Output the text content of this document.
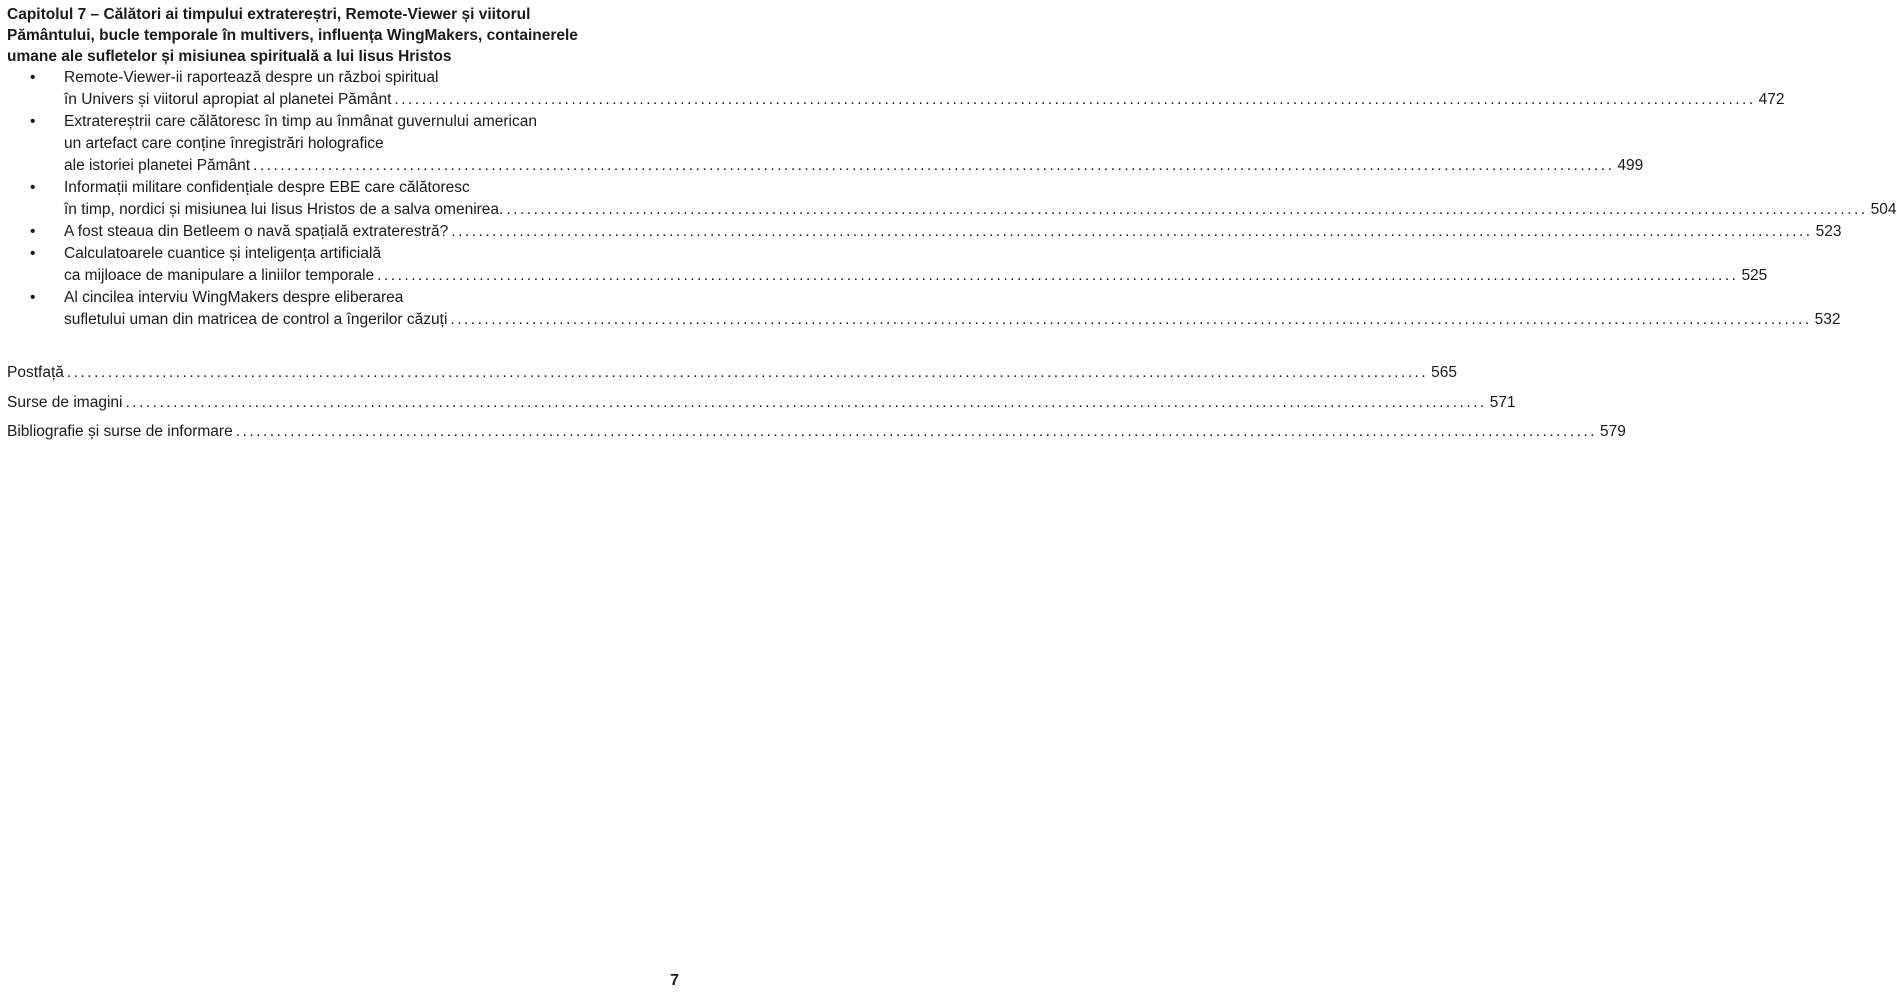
Capitolul 7 – Călători ai timpului extratereștri, Remote-Viewer și viitorul
Pământului, bucle temporale în multivers, influența WingMakers, containerele
umane ale sufletelor și misiunea spirituală a lui Iisus Hristos
• Remote-Viewer-ii raportează despre un război spiritual
în Univers și viitorul apropiat al planetei Pământ ........................................................................................................................................................................................................ 472
• Extratereștrii care călătoresc în timp au înmânat guvernului american
un artefact care conține înregistrări holografice
ale istoriei planetei Pământ ........................................................................................................................................................................................................ 499
• Informații militare confidențiale despre EBE care călătoresc
în timp, nordici și misiunea lui Iisus Hristos de a salva omenirea. ........................................................................................................................................................................................................ 504
• A fost steaua din Betleem o navă spațială extraterestră? ........................................................................................................................................................................................................ 523
• Calculatoarele cuantice și inteligența artificială
ca mijloace de manipulare a liniilor temporale ........................................................................................................................................................................................................ 525
• Al cincilea interviu WingMakers despre eliberarea
sufletului uman din matricea de control a îngerilor căzuți ........................................................................................................................................................................................................ 532
Postfață ........................................................................................................................................................................................................ 565
Surse de imagini ........................................................................................................................................................................................................ 571
Bibliografie și surse de informare ........................................................................................................................................................................................................ 579
7
